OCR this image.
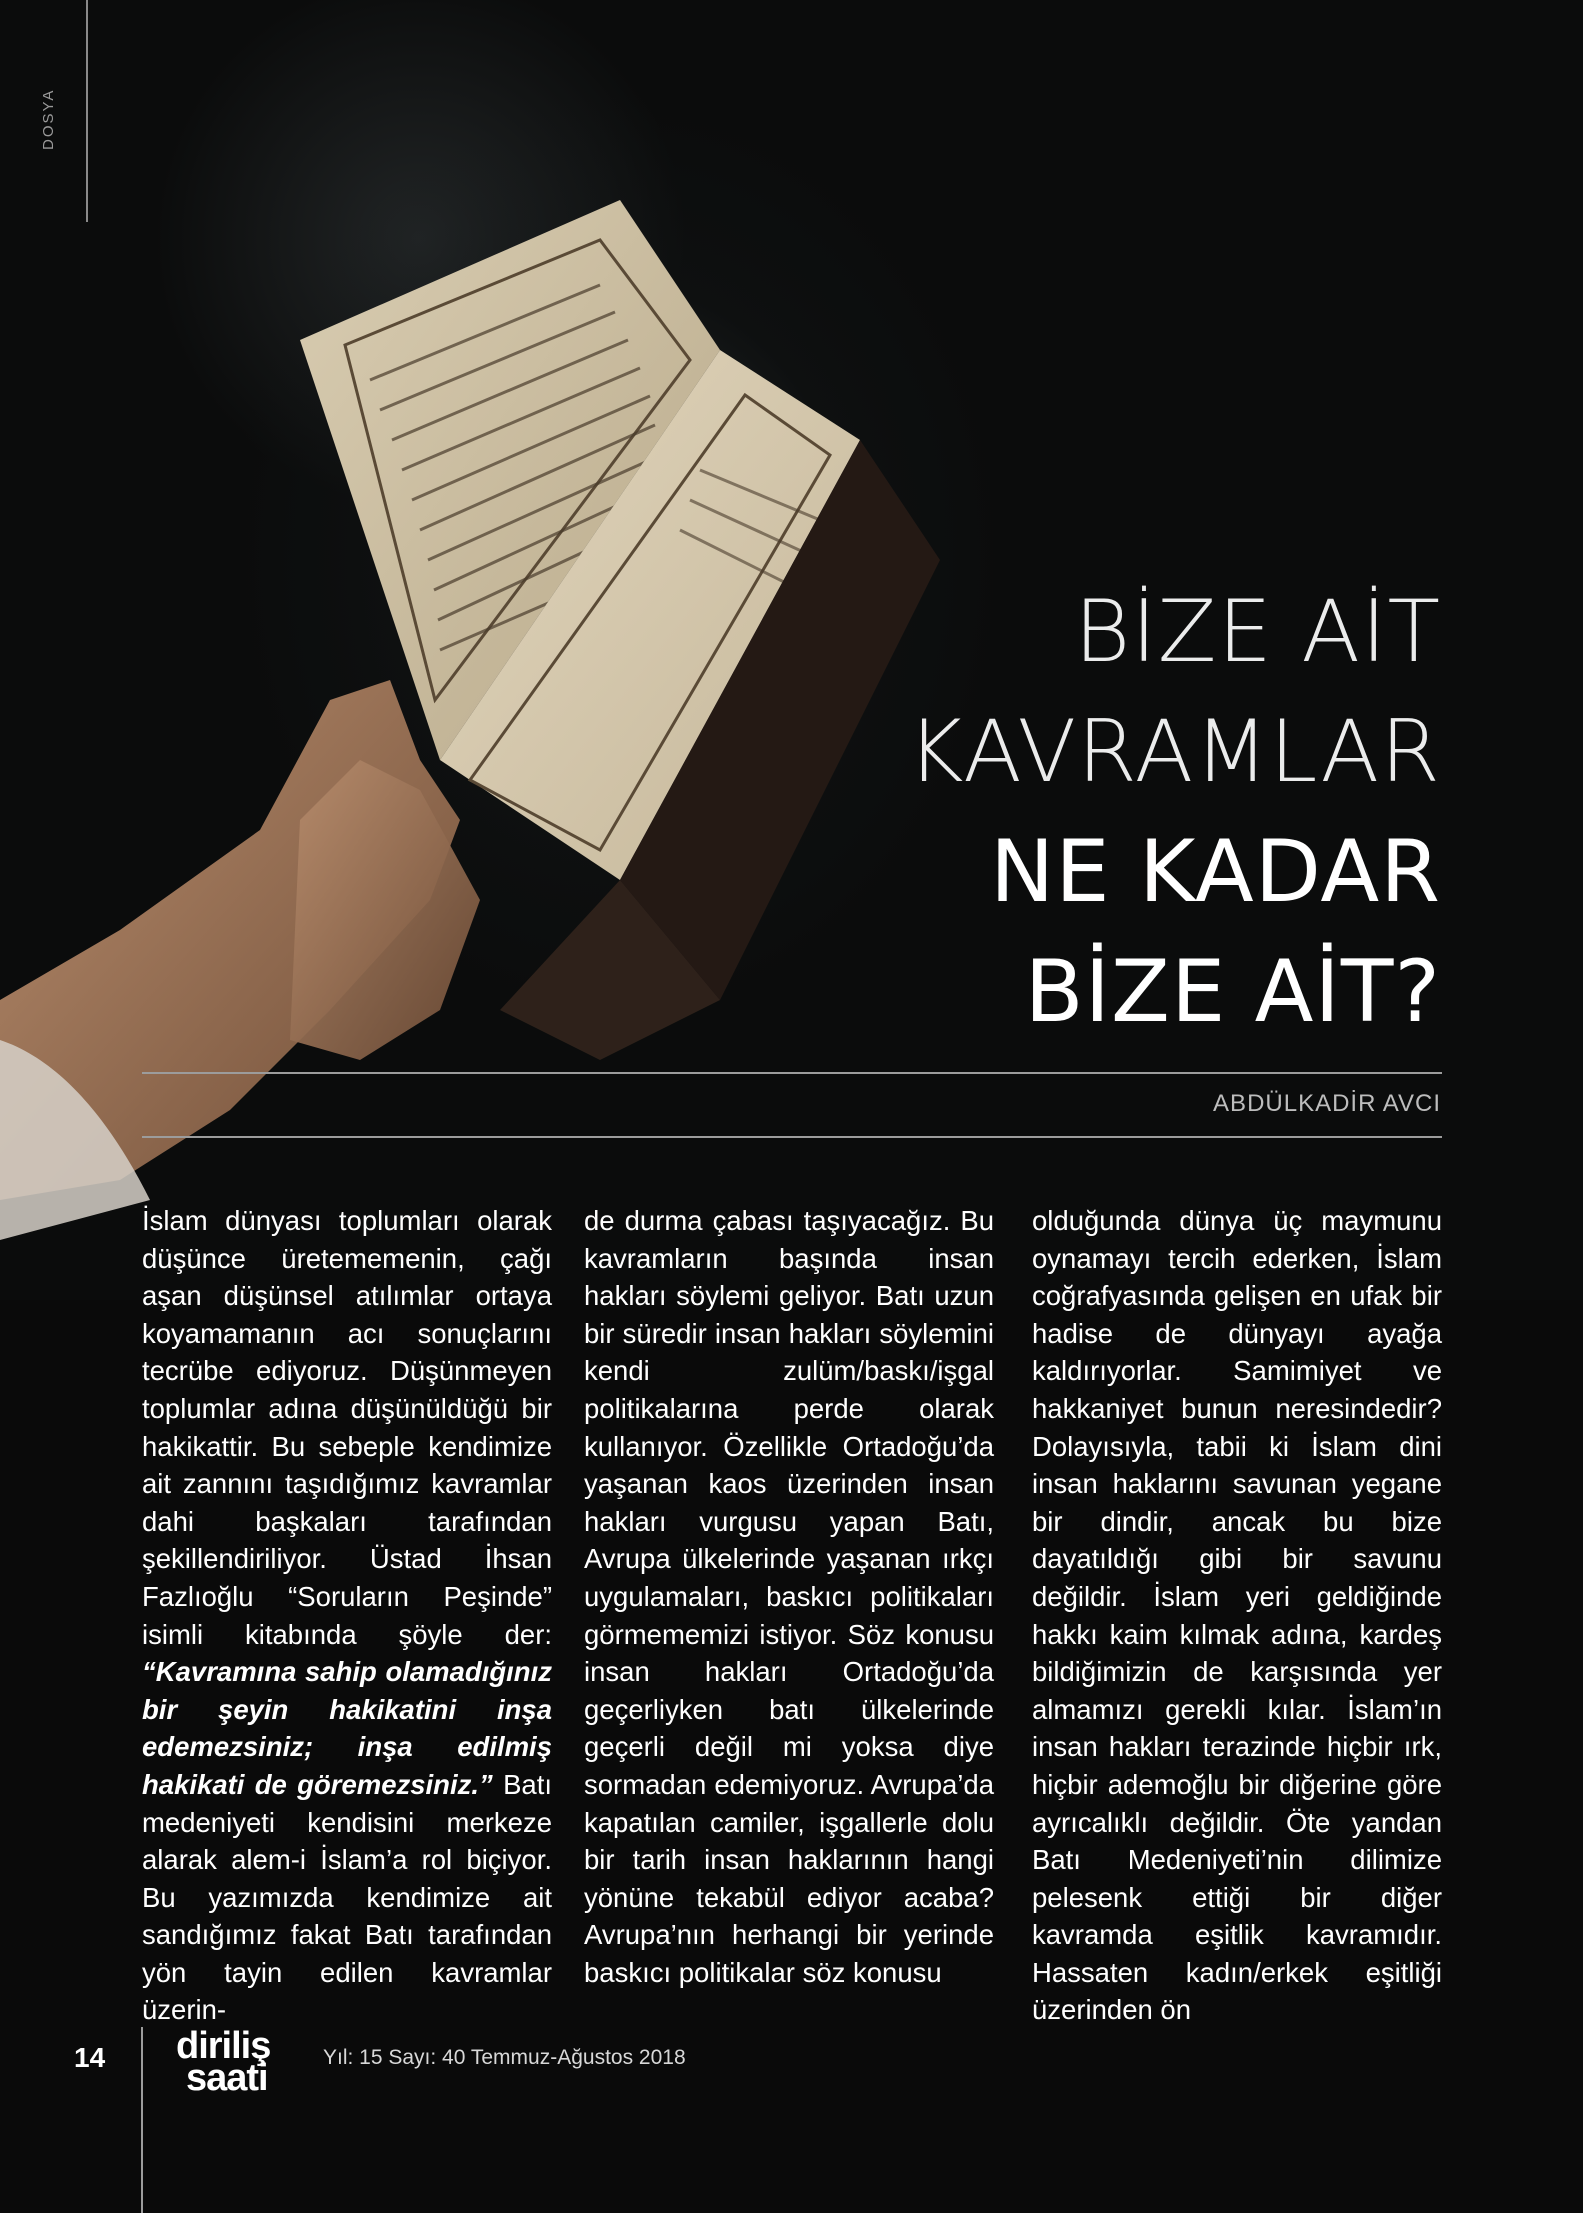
DOSYA
BİZE AİT
KAVRAMLAR
NE KADAR
BİZE AİT?
ABDÜLKADİR AVCI

İslam dünyası toplumları olarak düşünce üretememenin, çağı aşan düşünsel atılımlar ortaya koyamamanın acı sonuçlarını tecrübe ediyoruz. Düşünmeyen toplumlar adına düşünüldüğü bir hakikattir. Bu sebeple kendimize ait zannını taşıdığımız kavramlar dahi başkaları tarafından şekillendiriliyor. Üstad İhsan Fazlıoğlu “Soruların Peşinde” isimli kitabında şöyle der: “Kavramına sahip olamadığınız bir şeyin hakikatini inşa edemezsiniz; inşa edilmiş hakikati de göremezsiniz.” Batı medeniyeti kendisini merkeze alarak alem-i İslam’a rol biçiyor. Bu yazımızda kendimize ait sandığımız fakat Batı tarafından yön tayin edilen kavramlar üzerin-

de durma çabası taşıyacağız. Bu kavramların başında insan hakları söylemi geliyor. Batı uzun bir süredir insan hakları söylemini kendi zulüm/baskı/işgal politikalarına perde olarak kullanıyor. Özellikle Ortadoğu’da yaşanan kaos üzerinden insan hakları vurgusu yapan Batı, Avrupa ülkelerinde yaşanan ırkçı uygulamaları, baskıcı politikaları görmememizi istiyor. Söz konusu insan hakları Ortadoğu’da geçerliyken batı ülkelerinde geçerli değil mi yoksa diye sormadan edemiyoruz. Avrupa’da kapatılan camiler, işgallerle dolu bir tarih insan haklarının hangi yönüne tekabül ediyor acaba? Avrupa’nın herhangi bir yerinde baskıcı politikalar söz konusu

olduğunda dünya üç maymunu oynamayı tercih ederken, İslam coğrafyasında gelişen en ufak bir hadise de dünyayı ayağa kaldırıyorlar. Samimiyet ve hakkaniyet bunun neresindedir? Dolayısıyla, tabii ki İslam dini insan haklarını savunan yegane bir dindir, ancak bu bize dayatıldığı gibi bir savunu değildir. İslam yeri geldiğinde hakkı kaim kılmak adına, kardeş bildiğimizin de karşısında yer almamızı gerekli kılar. İslam’ın insan hakları terazinde hiçbir ırk, hiçbir ademoğlu bir diğerine göre ayrıcalıklı değildir. Öte yandan Batı Medeniyeti’nin dilimize pelesenk ettiği bir diğer kavramda eşitlik kavramıdır. Hassaten kadın/erkek eşitliği üzerinden ön

14 diriliş
saati	Yıl: 15 Sayı: 40 Temmuz-Ağustos 2018
